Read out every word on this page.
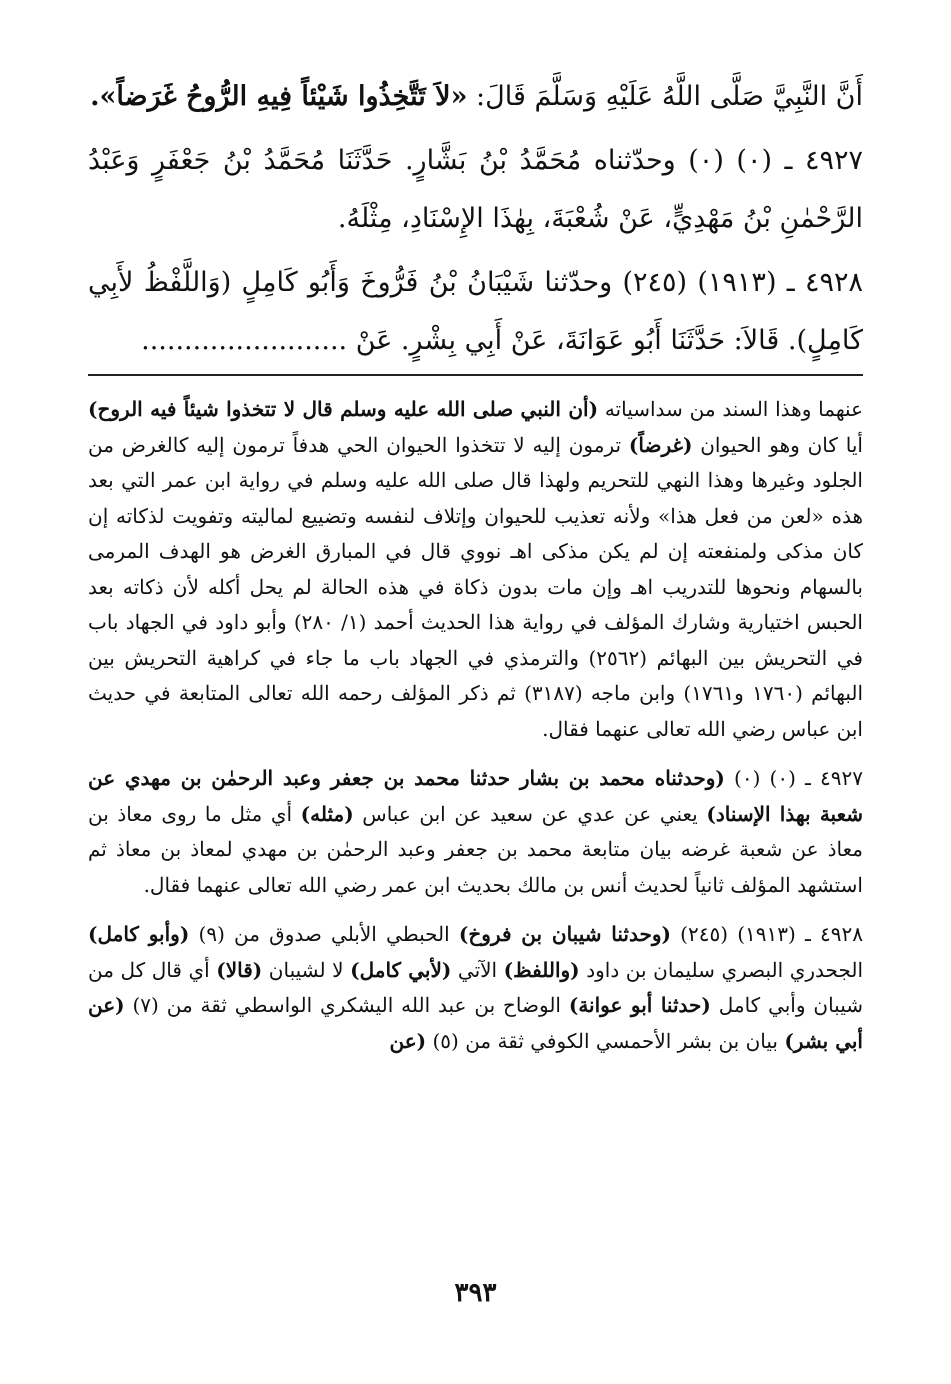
أَنَّ النَّبِيَّ صَلَّى اللَّهُ عَلَيْهِ وَسَلَّمَ قَالَ: «لاَ تَتَّخِذُوا شَيْئاً فِيهِ الرُّوحُ غَرَضاً».

٤٩٢٧ ـ (٠) (٠) وحدّثناه مُحَمَّدُ بْنُ بَشَّارٍ. حَدَّثَنَا مُحَمَّدُ بْنُ جَعْفَرٍ وَعَبْدُ الرَّحْمٰنِ بْنُ مَهْدِيٍّ، عَنْ شُعْبَةَ، بِهٰذَا الإِسْنَادِ، مِثْلَهُ.

٤٩٢٨ ـ (١٩١٣) (٢٤٥) وحدّثنا شَيْبَانُ بْنُ فَرُّوخَ وَأَبُو كَامِلٍ (وَاللَّفْظُ لأَبِي كَامِلٍ). قَالاَ: حَدَّثَنَا أَبُو عَوَانَةَ، عَنْ أَبِي بِشْرٍ. عَنْ ........................

عنهما وهذا السند من سداسياته (أن النبي صلى الله عليه وسلم قال لا تتخذوا شيئاً فيه الروح) أيا كان وهو الحيوان (غرضاً) ترمون إليه لا تتخذوا الحيوان الحي هدفاً ترمون إليه كالغرض من الجلود وغيرها وهذا النهي للتحريم ولهذا قال صلى الله عليه وسلم في رواية ابن عمر التي بعد هذه «لعن من فعل هذا» ولأنه تعذيب للحيوان وإتلاف لنفسه وتضييع لماليته وتفويت لذكاته إن كان مذكى ولمنفعته إن لم يكن مذكى اهـ نووي قال في المبارق الغرض هو الهدف المرمى بالسهام ونحوها للتدريب اهـ وإن مات بدون ذكاة في هذه الحالة لم يحل أكله لأن ذكاته بعد الحبس اختيارية وشارك المؤلف في رواية هذا الحديث أحمد (١/ ٢٨٠) وأبو داود في الجهاد باب في التحريش بين البهائم (٢٥٦٢) والترمذي في الجهاد باب ما جاء في كراهية التحريش بين البهائم (١٧٦٠ و١٧٦١) وابن ماجه (٣١٨٧) ثم ذكر المؤلف رحمه الله تعالى المتابعة في حديث ابن عباس رضي الله تعالى عنهما فقال.

٤٩٢٧ ـ (٠) (٠) (وحدثناه محمد بن بشار حدثنا محمد بن جعفر وعبد الرحمٰن بن مهدي عن شعبة بهذا الإسناد) يعني عن عدي عن سعيد عن ابن عباس (مثله) أي مثل ما روى معاذ بن معاذ عن شعبة غرضه بيان متابعة محمد بن جعفر وعبد الرحمٰن بن مهدي لمعاذ بن معاذ ثم استشهد المؤلف ثانياً لحديث أنس بن مالك بحديث ابن عمر رضي الله تعالى عنهما فقال.

٤٩٢٨ ـ (١٩١٣) (٢٤٥) (وحدثنا شيبان بن فروخ) الحبطي الأبلي صدوق من (٩) (وأبو كامل) الجحدري البصري سليمان بن داود (واللفظ) الآتي (لأبي كامل) لا لشيبان (قالا) أي قال كل من شيبان وأبي كامل (حدثنا أبو عوانة) الوضاح بن عبد الله اليشكري الواسطي ثقة من (٧) (عن أبي بشر) بيان بن بشر الأحمسي الكوفي ثقة من (٥) (عن

٣٩٣
